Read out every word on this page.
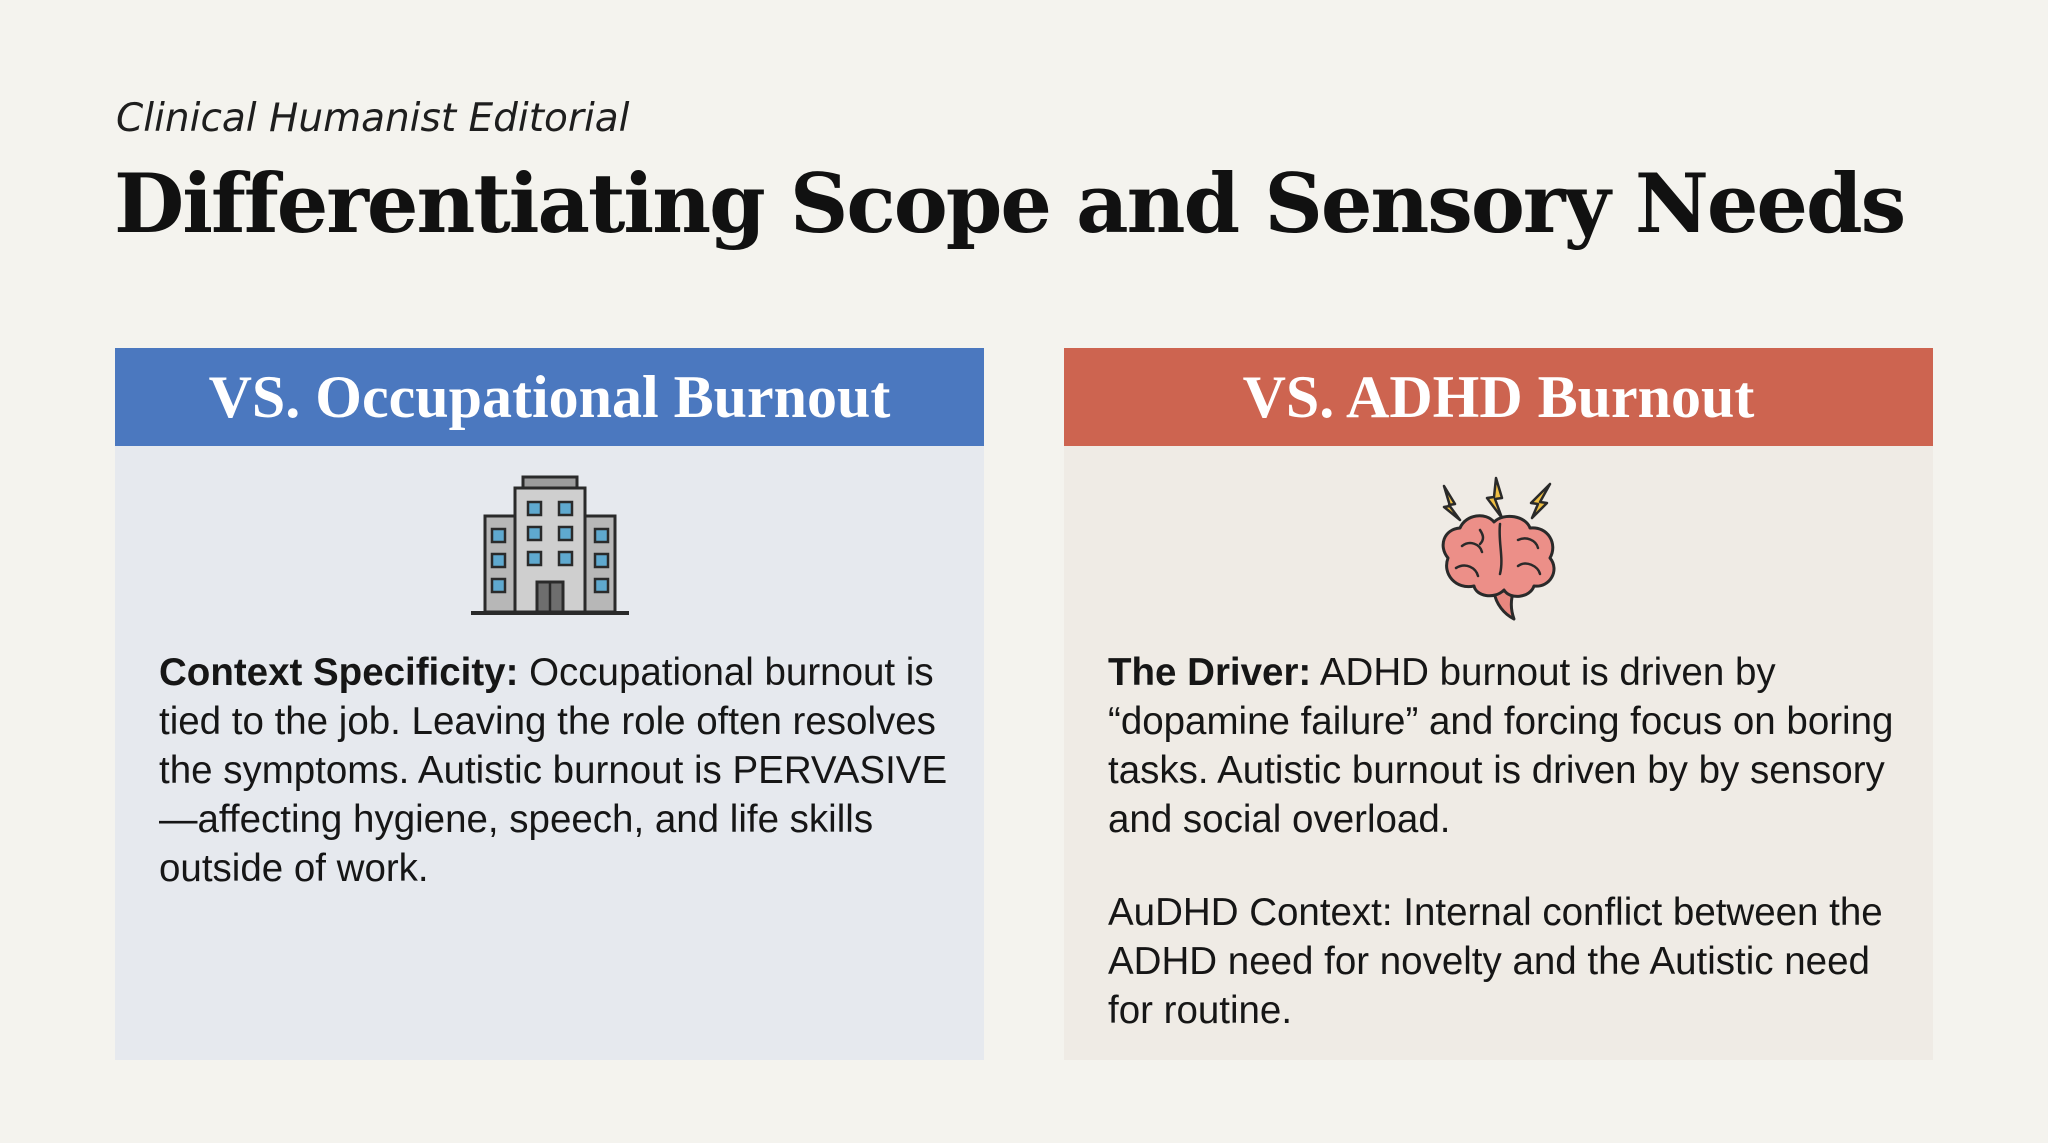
Clinical Humanist Editorial
Differentiating Scope and Sensory Needs
VS. Occupational Burnout

Context Specificity: Occupational burnout is tied to the job. Leaving the role often resolves the symptoms. Autistic burnout is PERVASIVE—affecting hygiene, speech, and life skills outside of work.

VS. ADHD Burnout

The Driver: ADHD burnout is driven by “dopamine failure” and forcing focus on boring tasks. Autistic burnout is driven by by sensory and social overload.

AuDHD Context: Internal conflict between the ADHD need for novelty and the Autistic need for routine.
